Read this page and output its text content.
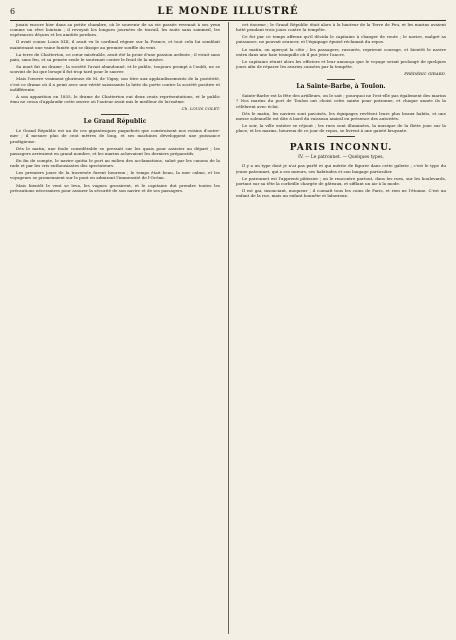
6	LE MONDE ILLUSTRÉ

jusais encore hier dans sa petite chambre, où le souvenir de sa vie passée revenait à ses yeux comme un rêve lointain ; il revoyait les longues journées de travail, les nuits sans sommeil, les espérances déçues et les amitiés perdues.

Il avait connu Louis XIII, il avait vu le cardinal régner sur la France, et tout cela lui semblait maintenant une vaine fumée qui se dissipe au premier souffle du vent.

La terre de Chatterton, ce cœur misérable, avait été la proie d'une passion ardente ; il vivait sans pain, sans feu, et sa pensée seule le soutenait contre le froid de la misère.

Sa mort fut un drame ; la société l'avait abandonné, et le public, toujours prompt à l'oubli, ne se souvint de lui que lorsqu'il fut trop tard pour le sauver.

Mais l'œuvre vraiment glorieuse de M. de Vigny, son titre aux applaudissements de la postérité, c'est ce drame où il a peint avec une vérité saisissante la lutte du poète contre la société positive et indifférente.

À son apparition en 1835, le drame de Chatterton eut deux cents représentations, et le public ému ne cessa d'applaudir cette œuvre où l'auteur avait mis le meilleur de lui-même.

Ch. LOUIS COLET.
Le Grand Républic

Le Grand Républic est un de ces gigantesques paquebots que construisent nos voisins d'outre-mer ; il mesure plus de cent mètres de long, et ses machines développent une puissance prodigieuse.

Dès le matin, une foule considérable se pressait sur les quais pour assister au départ ; les passagers arrivaient en grand nombre, et les marins achevaient les derniers préparatifs.

En fin de compte, le navire quitta le port au milieu des acclamations, salué par les canons de la rade et par les cris enthousiastes des spectateurs.

Les premiers jours de la traversée furent heureux ; le temps était beau, la mer calme, et les voyageurs se promenaient sur le pont en admirant l'immensité de l'Océan.

Mais bientôt le vent se leva, les vagues grossirent, et le capitaine dut prendre toutes les précautions nécessaires pour assurer la sécurité de son navire et de ses passagers.

cet énorme ; le Grand Républic était alors à la hauteur de la Terre de Feu, et les marins avaient lutté pendant trois jours contre la tempête.

Ce fut par ce temps affreux qu'il décida le capitaine à changer de route ; le navire, malgré sa puissance, ne pouvait avancer, et l'équipage épuisé réclamait du repos.

Le matin, on aperçut la côte ; les passagers, rassurés, reprirent courage, et bientôt le navire entra dans une baie tranquille où il put jeter l'ancre.

Le capitaine réunit alors les officiers et leur annonça que le voyage serait prolongé de quelques jours afin de réparer les avaries causées par la tempête.

FRÉDÉRIC GIRARD.
La Sainte-Barbe, à Toulon.

Sainte-Barbe est la fête des artilleurs, on le sait ; pourquoi ne l'est-elle pas également des marins ? Nos marins du port de Toulon ont choisi cette sainte pour patronne, et chaque année ils la célèbrent avec éclat.

Dès le matin, les navires sont pavoisés, les équipages revêtent leurs plus beaux habits, et une messe solennelle est dite à bord du vaisseau amiral en présence des autorités.

Le soir, la ville entière se réjouit ; les rues sont illuminées, la musique de la flotte joue sur la place, et les marins, heureux de ce jour de repos, se livrent à une gaieté bruyante.

PARIS INCONNU.
IV. — Le patronnet. — Quelques types.

Il y a un type dont je n'ai pas parlé et qui mérite de figurer dans cette galerie ; c'est le type du jeune patronnet, qui a ses mœurs, ses habitudes et son langage particulier.

Le patronnet est l'apprenti pâtissier ; on le rencontre partout, dans les rues, sur les boulevards, portant sur sa tête la corbeille chargée de gâteaux, et sifflant un air à la mode.

Il est gai, insouciant, moqueur ; il connaît tous les coins de Paris, et rien ne l'étonne. C'est un enfant de la rue, mais un enfant honnête et laborieux.
